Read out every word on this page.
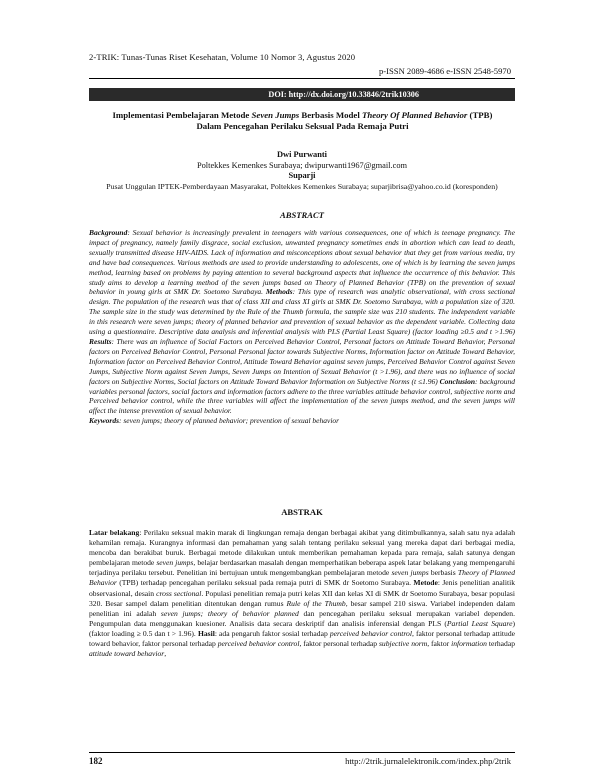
2-TRIK: Tunas-Tunas Riset Kesehatan, Volume 10 Nomor 3, Agustus 2020
p-ISSN 2089-4686 e-ISSN 2548-5970
DOI: http://dx.doi.org/10.33846/2trik10306
Implementasi Pembelajaran Metode Seven Jumps Berbasis Model Theory Of Planned Behavior (TPB)
Dalam Pencegahan Perilaku Seksual Pada Remaja Putri
Dwi Purwanti
Poltekkes Kemenkes Surabaya; dwipurwanti1967@gmail.com
Suparji
Pusat Unggulan IPTEK-Pemberdayaan Masyarakat, Poltekkes Kemenkes Surabaya; suparjibrisa@yahoo.co.id (koresponden)
ABSTRACT
Background: Sexual behavior is increasingly prevalent in teenagers with various consequences, one of which is teenage pregnancy. The impact of pregnancy, namely family disgrace, social exclusion, unwanted pregnancy sometimes ends in abortion which can lead to death, sexually transmitted disease HIV-AIDS. Lack of information and misconceptions about sexual behavior that they get from various media, try and have bad consequences. Various methods are used to provide understanding to adolescents, one of which is by learning the seven jumps method, learning based on problems by paying attention to several background aspects that influence the occurrence of this behavior. This study aims to develop a learning method of the seven jumps based on Theory of Planned Behavior (TPB) on the prevention of sexual behavior in young girls at SMK Dr. Soetomo Surabaya. Methods: This type of research was analytic observational, with cross sectional design. The population of the research was that of class XII and class XI girls at SMK Dr. Soetomo Surabaya, with a population size of 320. The sample size in the study was determined by the Rule of the Thumb formula, the sample size was 210 students. The independent variable in this research were seven jumps; theory of planned behavior and prevention of sexual behavior as the dependent variable. Collecting data using a questionnaire. Descriptive data analysis and inferential analysis with PLS (Partial Least Square) (factor loading ≥0.5 and t >1.96) Results: There was an influence of Social Factors on Perceived Behavior Control, Personal factors on Attitude Toward Behavior, Personal factors on Perceived Behavior Control, Personal Personal factor towards Subjective Norms, Information factor on Attitude Toward Behavior, Information factor on Perceived Behavior Control, Attitude Toward Behavior against seven jumps, Perceived Behavior Control against Seven Jumps, Subjective Norm against Seven Jumps, Seven Jumps on Intention of Sexual Behavior (t >1.96), and there was no influence of social factors on Subjective Norms, Social factors on Attitude Toward Behavior Information on Subjective Norms (t ≤1.96) Conclusion: background variables personal factors, social factors and information factors adhere to the three variables attitude behavior control, subjective norm and Perceived behavior control, while the three variables will affect the implementation of the seven jumps method, and the seven jumps will affect the intense prevention of sexual behavior.
Keywords: seven jumps; theory of planned behavior; prevention of sexual behavior
ABSTRAK
Latar belakang: Perilaku seksual makin marak di lingkungan remaja dengan berbagai akibat yang ditimbulkannya, salah satu nya adalah kehamilan remaja. Kurangnya informasi dan pemahaman yang salah tentang perilaku seksual yang mereka dapat dari berbagai media, mencoba dan berakibat buruk. Berbagai metode dilakukan untuk memberikan pemahaman kepada para remaja, salah satunya dengan pembelajaran metode seven jumps, belajar berdasarkan masalah dengan memperhatikan beberapa aspek latar belakang yang mempengaruhi terjadinya perilaku tersebut. Penelitian ini bertujuan untuk mengembangkan pembelajaran metode seven jumps berbasis Theory of Planned Behavior (TPB) terhadap pencegahan perilaku seksual pada remaja putri di SMK dr Soetomo Surabaya. Metode: Jenis penelitian analitik observasional, desain cross sectional. Populasi penelitian remaja putri kelas XII dan kelas XI di SMK dr Soetomo Surabaya, besar populasi 320. Besar sampel dalam penelitian ditentukan dengan rumus Rule of the Thumb, besar sampel 210 siswa. Variabel independen dalam penelitian ini adalah seven jumps; theory of behavior planned dan pencegahan perilaku seksual merupakan variabel dependen. Pengumpulan data menggunakan kuesioner. Analisis data secara deskriptif dan analisis inferensial dengan PLS (Partial Least Square) (faktor loading ≥ 0.5 dan t > 1.96). Hasil: ada pengaruh faktor sosial terhadap perceived behavior control, faktor personal terhadap attitude toward behavior, faktor personal terhadap perceived behavior control, faktor personal terhadap subjective norm, faktor information terhadap attitude toward behavior,
182	http://2trik.jurnalelektronik.com/index.php/2trik
